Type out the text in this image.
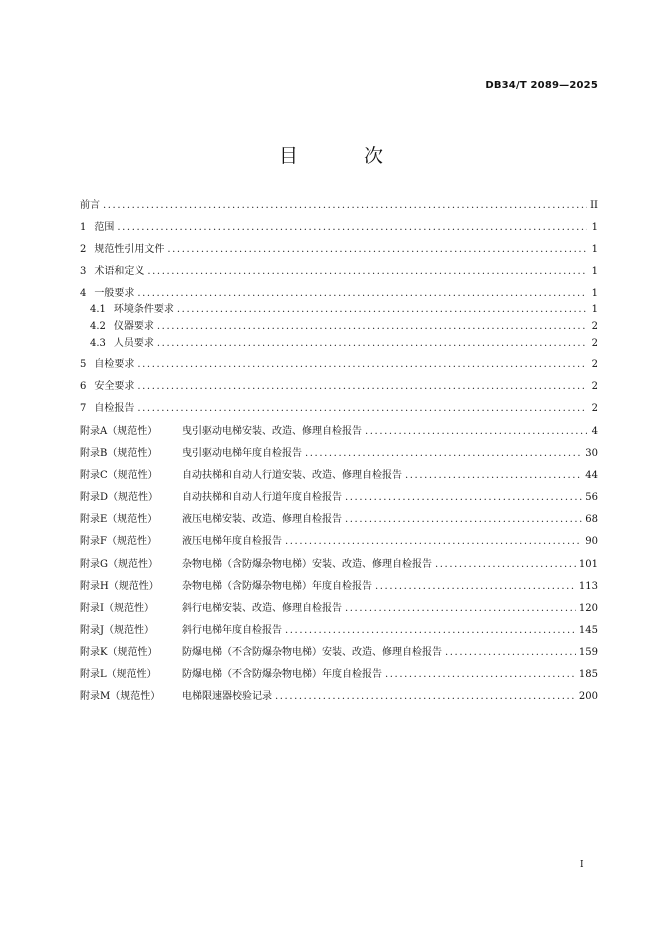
DB34/T 2089—2025
目 次
前言 .....	II
1 范围 .....	1
2 规范性引用文件 .....	1
3 术语和定义 .....	1
4 一般要求 .....	1
4.1 环境条件要求 .....	1
4.2 仪器要求 .....	2
4.3 人员要求 .....	2
5 自检要求 .....	2
6 安全要求 .....	2
7 自检报告 .....	2
附录A（规范性） 曳引驱动电梯安装、改造、修理自检报告 .....	4
附录B（规范性） 曳引驱动电梯年度自检报告 .....	30
附录C（规范性） 自动扶梯和自动人行道安装、改造、修理自检报告 .....	44
附录D（规范性） 自动扶梯和自动人行道年度自检报告 .....	56
附录E（规范性） 液压电梯安装、改造、修理自检报告 .....	68
附录F（规范性）	液压电梯年度自检报告 .....	90
附录G（规范性） 杂物电梯（含防爆杂物电梯）安装、改造、修理自检报告 .....	101
附录H（规范性） 杂物电梯（含防爆杂物电梯）年度自检报告 .....	113
附录I（规范性）	斜行电梯安装、改造、修理自检报告 .....	120
附录J（规范性）	斜行电梯年度自检报告 .....	145
附录K（规范性） 防爆电梯（不含防爆杂物电梯）安装、改造、修理自检报告 .....	159
附录L（规范性）	防爆电梯（不含防爆杂物电梯）年度自检报告 .....	185
附录M（规范性） 电梯限速器校验记录 .....	200
I
